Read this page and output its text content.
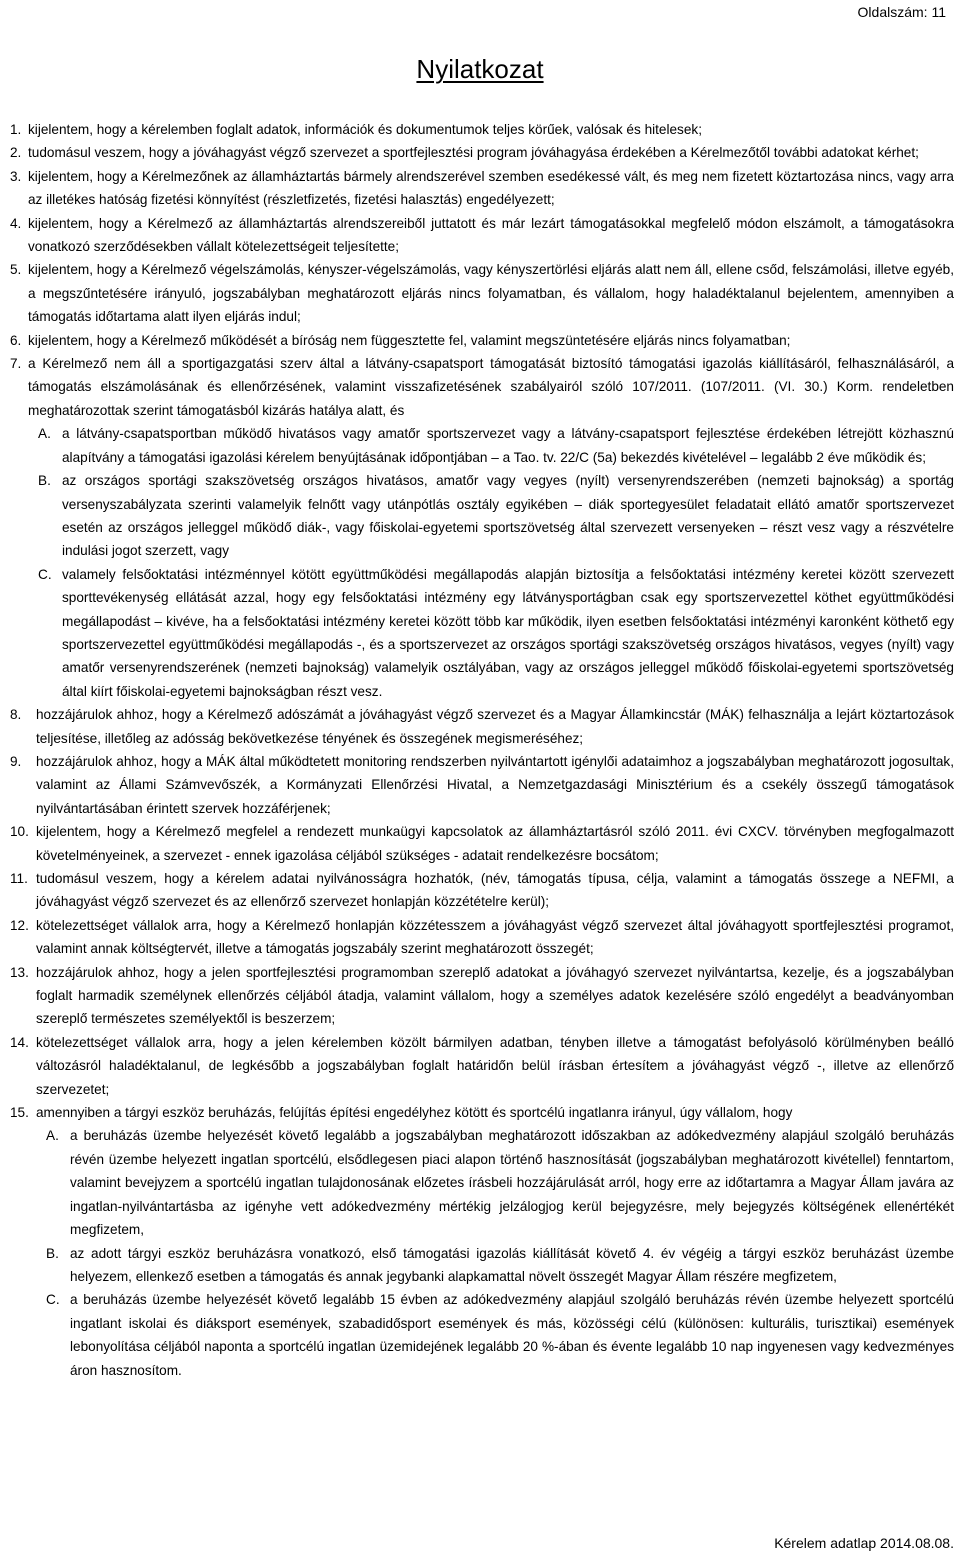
Oldalszám: 11
Nyilatkozat
1. kijelentem, hogy a kérelemben foglalt adatok, információk és dokumentumok teljes körűek, valósak és hitelesek;
2. tudomásul veszem, hogy a jóváhagyást végző szervezet a sportfejlesztési program jóváhagyása érdekében a Kérelmezőtől további adatokat kérhet;
3. kijelentem, hogy a Kérelmezőnek az államháztartás bármely alrendszerével szemben esedékessé vált, és meg nem fizetett köztartozása nincs, vagy arra az illetékes hatóság fizetési könnyítést (részletfizetés, fizetési halasztás) engedélyezett;
4. kijelentem, hogy a Kérelmező az államháztartás alrendszereiből juttatott és már lezárt támogatásokkal megfelelő módon elszámolt, a támogatásokra vonatkozó szerződésekben vállalt kötelezettségeit teljesítette;
5. kijelentem, hogy a Kérelmező végelszámolás, kényszer-végelszámolás, vagy kényszertörlési eljárás alatt nem áll, ellene csőd, felszámolási, illetve egyéb, a megszűntetésére irányuló, jogszabályban meghatározott eljárás nincs folyamatban, és vállalom, hogy haladéktalanul bejelentem, amennyiben a támogatás időtartama alatt ilyen eljárás indul;
6. kijelentem, hogy a Kérelmező működését a bíróság nem függesztette fel, valamint megszüntetésére eljárás nincs folyamatban;
7. a Kérelmező nem áll a sportigazgatási szerv által a látvány-csapatsport támogatását biztosító támogatási igazolás kiállításáról, felhasználásáról, a támogatás elszámolásának és ellenőrzésének, valamint visszafizetésének szabályairól szóló 107/2011. (107/2011. (VI. 30.) Korm. rendeletben meghatározottak szerint támogatásból kizárás hatálya alatt, és
A. a látvány-csapatsportban működő hivatásos vagy amatőr sportszervezet vagy a látvány-csapatsport fejlesztése érdekében létrejött közhasznú alapítvány a támogatási igazolási kérelem benyújtásának időpontjában – a Tao. tv. 22/C (5a) bekezdés kivételével – legalább 2 éve működik és;
B. az országos sportági szakszövetség országos hivatásos, amatőr vagy vegyes (nyílt) versenyrendszerében (nemzeti bajnokság) a sportág versenyszabályzata szerinti valamelyik felnőtt vagy utánpótlás osztály egyikében – diák sportegyesület feladatait ellátó amatőr sportszervezet esetén az országos jelleggel működő diák-, vagy főiskolai-egyetemi sportszövetség által szervezett versenyeken – részt vesz vagy a részvételre indulási jogot szerzett, vagy
C. valamely felsőoktatási intézménnyel kötött együttműködési megállapodás alapján biztosítja a felsőoktatási intézmény keretei között szervezett sporttevékenység ellátását azzal, hogy egy felsőoktatási intézmény egy látványsportágban csak egy sportszervezettel köthet együttműködési megállapodást – kivéve, ha a felsőoktatási intézmény keretei között több kar működik, ilyen esetben felsőoktatási intézményi karonként köthető egy sportszervezettel együttműködési megállapodás -, és a sportszervezet az országos sportági szakszövetség országos hivatásos, vegyes (nyílt) vagy amatőr versenyrendszerének (nemzeti bajnokság) valamelyik osztályában, vagy az országos jelleggel működő főiskolai-egyetemi sportszövetség által kiírt főiskolai-egyetemi bajnokságban részt vesz.
8. hozzájárulok ahhoz, hogy a Kérelmező adószámát a jóváhagyást végző szervezet és a Magyar Államkincstár (MÁK) felhasználja a lejárt köztartozások teljesítése, illetőleg az adósság bekövetkezése tényének és összegének megismeréséhez;
9. hozzájárulok ahhoz, hogy a MÁK által működtetett monitoring rendszerben nyilvántartott igénylői adataimhoz a jogszabályban meghatározott jogosultak, valamint az Állami Számvevőszék, a Kormányzati Ellenőrzési Hivatal, a Nemzetgazdasági Minisztérium és a csekély összegű támogatások nyilvántartásában érintett szervek hozzáférjenek;
10. kijelentem, hogy a Kérelmező megfelel a rendezett munkaügyi kapcsolatok az államháztartásról szóló 2011. évi CXCV. törvényben megfogalmazott követelményeinek, a szervezet - ennek igazolása céljából szükséges - adatait rendelkezésre bocsátom;
11. tudomásul veszem, hogy a kérelem adatai nyilvánosságra hozhatók, (név, támogatás típusa, célja, valamint a támogatás összege a NEFMI, a jóváhagyást végző szervezet és az ellenőrző szervezet honlapján közzétételre kerül);
12. kötelezettséget vállalok arra, hogy a Kérelmező honlapján közzétesszem a jóváhagyást végző szervezet által jóváhagyott sportfejlesztési programot, valamint annak költségtervét, illetve a támogatás jogszabály szerint meghatározott összegét;
13. hozzájárulok ahhoz, hogy a jelen sportfejlesztési programomban szereplő adatokat a jóváhagyó szervezet nyilvántartsa, kezelje, és a jogszabályban foglalt harmadik személynek ellenőrzés céljából átadja, valamint vállalom, hogy a személyes adatok kezelésére szóló engedélyt a beadványomban szereplő természetes személyektől is beszerzem;
14. kötelezettséget vállalok arra, hogy a jelen kérelemben közölt bármilyen adatban, tényben illetve a támogatást befolyásoló körülményben beálló változásról haladéktalanul, de legkésőbb a jogszabályban foglalt határidőn belül írásban értesítem a jóváhagyást végző -, illetve az ellenőrző szervezetet;
15. amennyiben a tárgyi eszköz beruházás, felújítás építési engedélyhez kötött és sportcélú ingatlanra irányul, úgy vállalom, hogy
A. a beruházás üzembe helyezését követő legalább a jogszabályban meghatározott időszakban az adókedvezmény alapjául szolgáló beruházás révén üzembe helyezett ingatlan sportcélú, elsődlegesen piaci alapon történő hasznosítását (jogszabályban meghatározott kivétellel) fenntartom, valamint bevejyzem a sportcélú ingatlan tulajdonosának előzetes írásbeli hozzájárulását arról, hogy erre az időtartamra a Magyar Állam javára az ingatlan-nyilvántartásba az igényhe vett adókedvezmény mértékig jelzálogjog kerül bejegyzésre, mely bejegyzés költségének ellenértékét megfizetem,
B. az adott tárgyi eszköz beruházásra vonatkozó, első támogatási igazolás kiállítását követő 4. év végéig a tárgyi eszköz beruházást üzembe helyezem, ellenkező esetben a támogatás és annak jegybanki alapkamattal növelt összegét Magyar Állam részére megfizetem,
C. a beruházás üzembe helyezését követő legalább 15 évben az adókedvezmény alapjául szolgáló beruházás révén üzembe helyezett sportcélú ingatlant iskolai és diáksport események, szabadidősport események és más, közösségi célú (különösen: kulturális, turisztikai) események lebonyolítása céljából naponta a sportcélú ingatlan üzemidejének legalább 20 %-ában és évente legalább 10 nap ingyenesen vagy kedvezményes áron hasznosítom.
Kérelem adatlap 2014.08.08.
